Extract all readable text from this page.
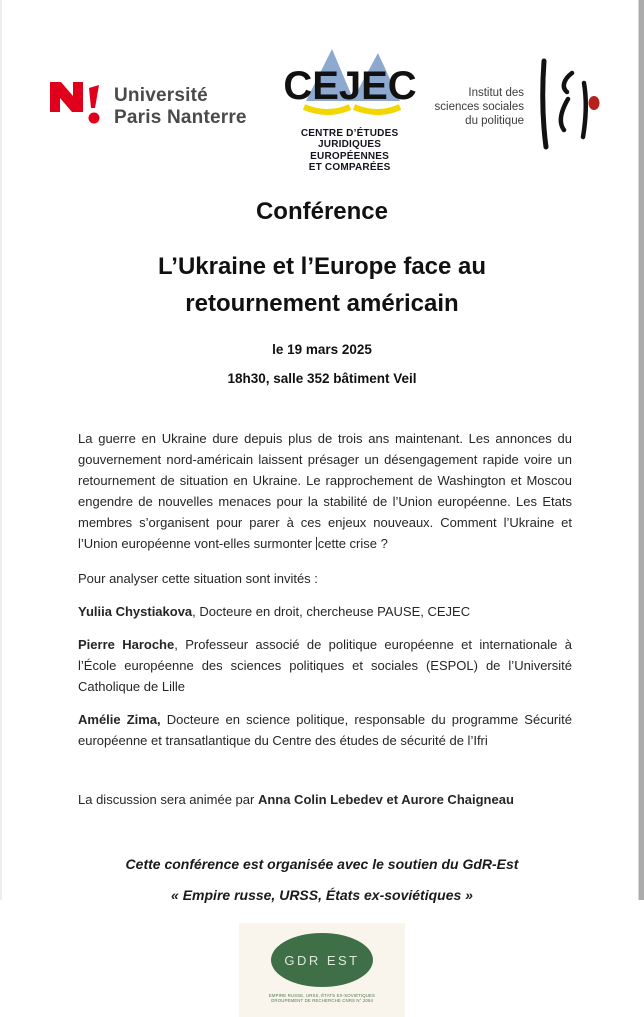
Université
Paris Nanterre
CEJEC
CENTRE D’ÉTUDES
JURIDIQUES
EUROPÉENNES
ET COMPARÉES
Institut des
sciences sociales
du politique
Conférence
L’Ukraine et l’Europe face au retournement américain
le 19 mars 2025
18h30, salle 352 bâtiment Veil

La guerre en Ukraine dure depuis plus de trois ans maintenant. Les annonces du gouvernement nord-américain laissent présager un désengagement rapide voire un retournement de situation en Ukraine. Le rapprochement de Washington et Moscou engendre de nouvelles menaces pour la stabilité de l’Union européenne. Les Etats membres s’organisent pour parer à ces enjeux nouveaux. Comment l’Ukraine et l’Union européenne vont-elles surmonter cette crise ?

Pour analyser cette situation sont invités :

Yuliia Chystiakova, Docteure en droit, chercheuse PAUSE, CEJEC

Pierre Haroche, Professeur associé de politique européenne et internationale à l’École européenne des sciences politiques et sociales (ESPOL) de l’Université Catholique de Lille

Amélie Zima, Docteure en science politique, responsable du programme Sécurité européenne et transatlantique du Centre des études de sécurité de l’Ifri

La discussion sera animée par Anna Colin Lebedev et Aurore Chaigneau

Cette conférence est organisée avec le soutien du GdR-Est
« Empire russe, URSS, États ex-soviétiques »
GDR EST
EMPIRE RUSSE, URSS, ÉTATS EX-SOVIÉTIQUES
GROUPEMENT DE RECHERCHE CNRS N° 2064
